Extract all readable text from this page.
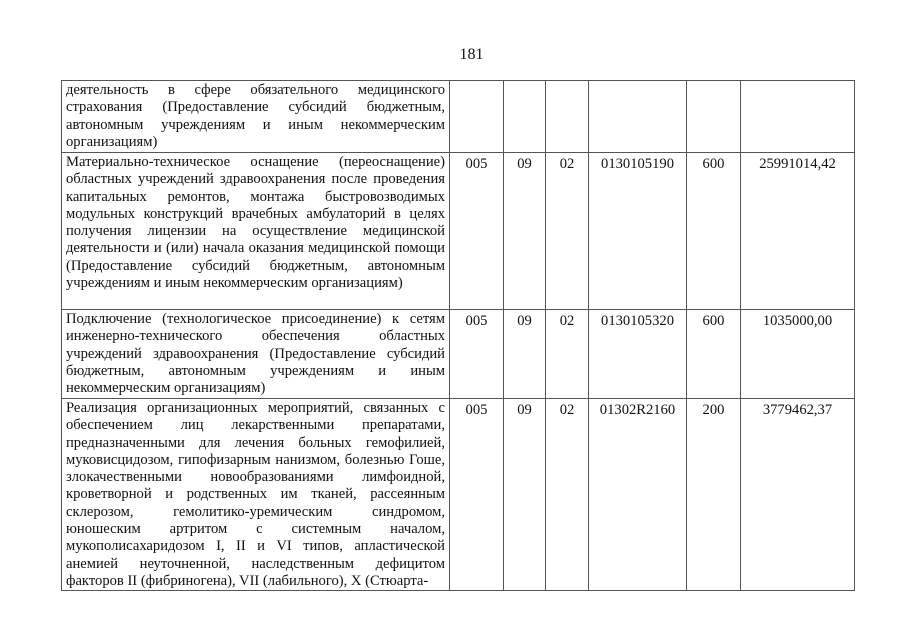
181
деятельность в сфере обязательного медицинского страхования (Предоставление субсидий бюджетным, автономным учреждениям и иным некоммерческим организациям)						
Материально-техническое оснащение (переоснащение) областных учреждений здравоохранения после проведения капитальных ремонтов, монтажа быстровозводимых модульных конструкций врачебных амбулаторий в целях получения лицензии на осуществление медицинской деятельности и (или) начала оказания медицинской помощи (Предоставление субсидий бюджетным, автономным учреждениям и иным некоммерческим организациям)	005	09	02	0130105190	600	25991014,42
Подключение (технологическое присоединение) к сетям инженерно-технического обеспечения областных учреждений здравоохранения (Предоставление субсидий бюджетным, автономным учреждениям и иным некоммерческим организациям)	005	09	02	0130105320	600	1035000,00
Реализация организационных мероприятий, связанных с обеспечением лиц лекарственными препаратами, предназначенными для лечения больных гемофилией, муковисцидозом, гипофизарным нанизмом, болезнью Гоше, злокачественными новообразованиями лимфоидной, кроветворной и родственных им тканей, рассеянным склерозом, гемолитико-уремическим синдромом, юношеским артритом с системным началом, мукополисахаридозом I, II и VI типов, апластической анемией неуточненной, наследственным дефицитом факторов II (фибриногена), VII (лабильного), X (Стюарта-	005	09	02	01302R2160	200	3779462,37
